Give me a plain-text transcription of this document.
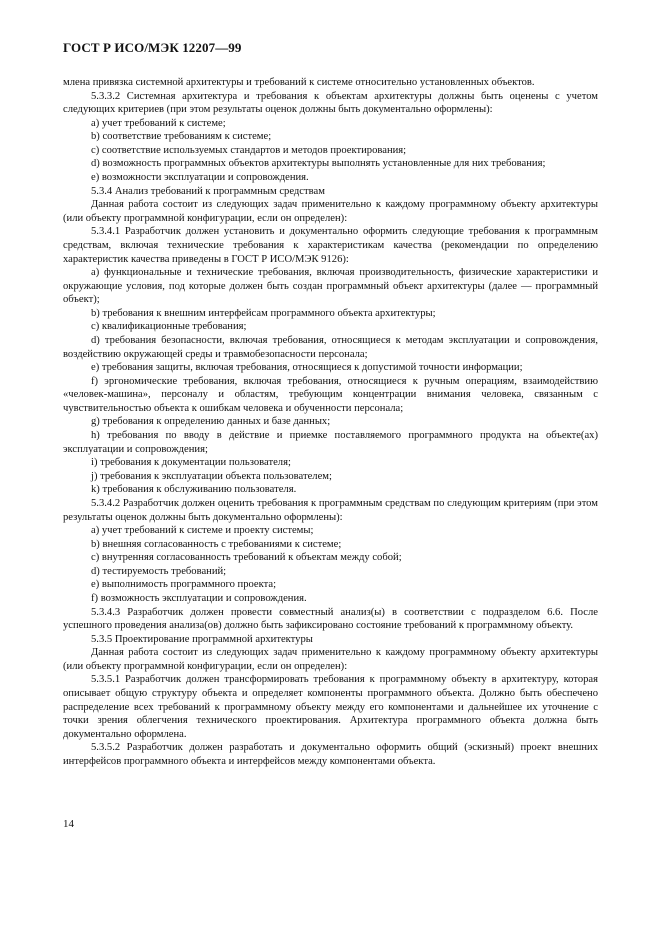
ГОСТ Р ИСО/МЭК 12207—99

млена привязка системной архитектуры и требований к системе относительно установленных объектов.

5.3.3.2 Системная архитектура и требования к объектам архитектуры должны быть оценены с учетом следующих критериев (при этом результаты оценок должны быть документально оформлены):

a) учет требований к системе;

b) соответствие требованиям к системе;

c) соответствие используемых стандартов и методов проектирования;

d) возможность программных объектов архитектуры выполнять установленные для них требования;

e) возможности эксплуатации и сопровождения.

5.3.4 Анализ требований к программным средствам

Данная работа состоит из следующих задач применительно к каждому программному объекту архитектуры (или объекту программной конфигурации, если он определен):

5.3.4.1 Разработчик должен установить и документально оформить следующие требования к программным средствам, включая технические требования к характеристикам качества (рекомендации по определению характеристик качества приведены в ГОСТ Р ИСО/МЭК 9126):

a) функциональные и технические требования, включая производительность, физические характеристики и окружающие условия, под которые должен быть создан программный объект архитектуры (далее — программный объект);

b) требования к внешним интерфейсам программного объекта архитектуры;

c) квалификационные требования;

d) требования безопасности, включая требования, относящиеся к методам эксплуатации и сопровождения, воздействию окружающей среды и травмобезопасности персонала;

e) требования защиты, включая требования, относящиеся к допустимой точности информации;

f) эргономические требования, включая требования, относящиеся к ручным операциям, взаимодействию «человек-машина», персоналу и областям, требующим концентрации внимания человека, связанным с чувствительностью объекта к ошибкам человека и обученности персонала;

g) требования к определению данных и базе данных;

h) требования по вводу в действие и приемке поставляемого программного продукта на объекте(ах) эксплуатации и сопровождения;

i) требования к документации пользователя;

j) требования к эксплуатации объекта пользователем;

k) требования к обслуживанию пользователя.

5.3.4.2 Разработчик должен оценить требования к программным средствам по следующим критериям (при этом результаты оценок должны быть документально оформлены):

a) учет требований к системе и проекту системы;

b) внешняя согласованность с требованиями к системе;

c) внутренняя согласованность требований к объектам между собой;

d) тестируемость требований;

e) выполнимость программного проекта;

f) возможность эксплуатации и сопровождения.

5.3.4.3 Разработчик должен провести совместный анализ(ы) в соответствии с подразделом 6.6. После успешного проведения анализа(ов) должно быть зафиксировано состояние требований к программному объекту.

5.3.5 Проектирование программной архитектуры

Данная работа состоит из следующих задач применительно к каждому программному объекту архитектуры (или объекту программной конфигурации, если он определен):

5.3.5.1 Разработчик должен трансформировать требования к программному объекту в архитектуру, которая описывает общую структуру объекта и определяет компоненты программного объекта. Должно быть обеспечено распределение всех требований к программному объекту между его компонентами и дальнейшее их уточнение с точки зрения облегчения технического проектирования. Архитектура программного объекта должна быть документально оформлена.

5.3.5.2 Разработчик должен разработать и документально оформить общий (эскизный) проект внешних интерфейсов программного объекта и интерфейсов между компонентами объекта.

14
